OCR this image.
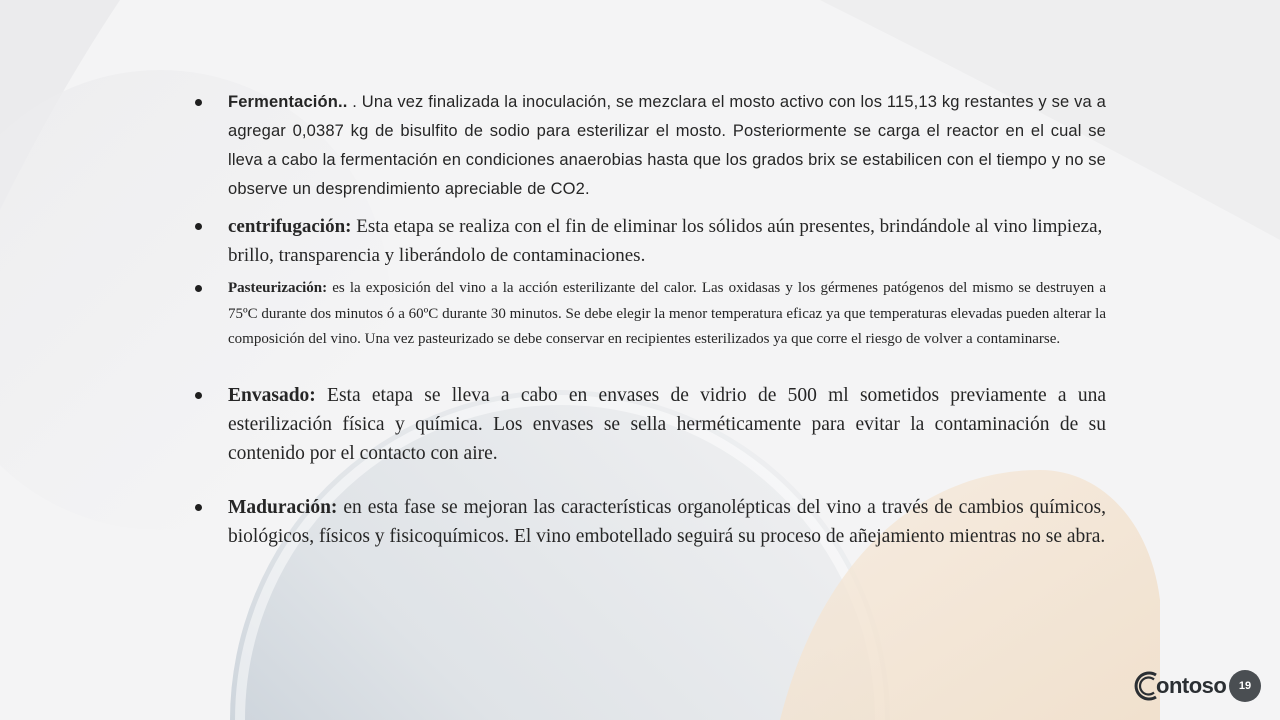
Fermentación.. . Una vez finalizada la inoculación, se mezclara el mosto activo con los 115,13 kg restantes y se va a agregar 0,0387 kg de bisulfito de sodio para esterilizar el mosto. Posteriormente se carga el reactor en el cual se lleva a cabo la fermentación en condiciones anaerobias hasta que los grados brix se estabilicen con el tiempo y no se observe un desprendimiento apreciable de CO2.
centrifugación: Esta etapa se realiza con el fin de eliminar los sólidos aún presentes, brindándole al vino limpieza, brillo, transparencia y liberándolo de contaminaciones.
Pasteurización: es la exposición del vino a la acción esterilizante del calor. Las oxidasas y los gérmenes patógenos del mismo se destruyen a 75ºC durante dos minutos ó a 60ºC durante 30 minutos. Se debe elegir la menor temperatura eficaz ya que temperaturas elevadas pueden alterar la composición del vino. Una vez pasteurizado se debe conservar en recipientes esterilizados ya que corre el riesgo de volver a contaminarse.
Envasado: Esta etapa se lleva a cabo en envases de vidrio de 500 ml sometidos previamente a una esterilización física y química. Los envases se sella herméticamente para evitar la contaminación de su contenido por el contacto con aire.
Maduración: en esta fase se mejoran las características organolépticas del vino a través de cambios químicos, biológicos, físicos y fisicoquímicos. El vino embotellado seguirá su proceso de añejamiento mientras no se abra.
ontoso	19
